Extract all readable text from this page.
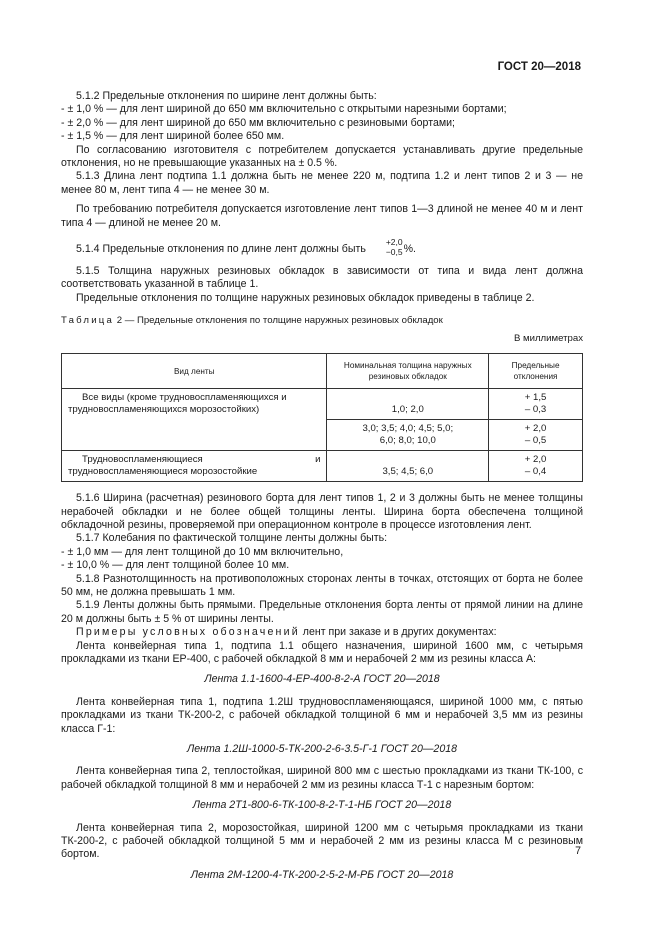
ГОСТ 20—2018

5.1.2 Предельные отклонения по ширине лент должны быть:

- ± 1,0 % — для лент шириной до 650 мм включительно с открытыми нарезными бортами;

- ± 2,0 % — для лент шириной до 650 мм включительно с резиновыми бортами;

- ± 1,5 % — для лент шириной более 650 мм.

По согласованию изготовителя с потребителем допускается устанавливать другие предельные отклонения, но не превышающие указанных на ± 0.5 %.

5.1.3 Длина лент подтипа 1.1 должна быть не менее 220 м, подтипа 1.2 и лент типов 2 и 3 — не менее 80 м, лент типа 4 — не менее 30 м.

По требованию потребителя допускается изготовление лент типов 1—3 длиной не менее 40 м и лент типа 4 — длиной не менее 20 м.

5.1.4 Предельные отклонения по длине лент должны быть
+2,0
−0,5 %.

5.1.5 Толщина наружных резиновых обкладок в зависимости от типа и вида лент должна соответствовать указанной в таблице 1.

Предельные отклонения по толщине наружных резиновых обкладок приведены в таблице 2.

Таблица 2 — Предельные отклонения по толщине наружных резиновых обкладок

В миллиметрах

Вид ленты	Номинальная толщина наружных резиновых обкладок	Предельные отклонения
Все виды (кроме трудновоспламеняющихся и трудновоспламеняющихся морозостойких)	1,0; 2,0	+ 1,5
– 0,3

	3,0; 3,5; 4,0; 4,5; 5,0; 6,0; 8,0; 10,0	+ 2,0
– 0,5

Трудновоспламеняющиеся и трудновоспламеняющиеся морозостойкие	3,5; 4,5; 6,0	+ 2,0
– 0,4

5.1.6 Ширина (расчетная) резинового борта для лент типов 1, 2 и 3 должны быть не менее толщины нерабочей обкладки и не более общей толщины ленты. Ширина борта обеспечена толщиной обкладочной резины, проверяемой при операционном контроле в процессе изготовления лент.

5.1.7 Колебания по фактической толщине ленты должны быть:

- ± 1,0 мм — для лент толщиной до 10 мм включительно,

- ± 10,0 % — для лент толщиной более 10 мм.

5.1.8 Разнотолщинность на противоположных сторонах ленты в точках, отстоящих от борта не более 50 мм, не должна превышать 1 мм.

5.1.9 Ленты должны быть прямыми. Предельные отклонения борта ленты от прямой линии на длине 20 м должны быть ± 5 % от ширины ленты.

Примеры условных обозначений лент при заказе и в других документах:

Лента конвейерная типа 1, подтипа 1.1 общего назначения, шириной 1600 мм, с четырьмя прокладками из ткани ЕР-400, с рабочей обкладкой 8 мм и нерабочей 2 мм из резины класса А:

Лента 1.1-1600-4-ЕР-400-8-2-А ГОСТ 20—2018

Лента конвейерная типа 1, подтипа 1.2Ш трудновоспламеняющаяся, шириной 1000 мм, с пятью прокладками из ткани ТК-200-2, с рабочей обкладкой толщиной 6 мм и нерабочей 3,5 мм из резины класса Г-1:

Лента 1.2Ш-1000-5-ТК-200-2-6-3.5-Г-1 ГОСТ 20—2018

Лента конвейерная типа 2, теплостойкая, шириной 800 мм с шестью прокладками из ткани ТК-100, с рабочей обкладкой толщиной 8 мм и нерабочей 2 мм из резины класса Т-1 с нарезным бортом:

Лента 2Т1-800-6-ТК-100-8-2-Т-1-НБ ГОСТ 20—2018

Лента конвейерная типа 2, морозостойкая, шириной 1200 мм с четырьмя прокладками из ткани ТК-200-2, с рабочей обкладкой толщиной 5 мм и нерабочей 2 мм из резины класса М с резиновым бортом.

Лента 2М-1200-4-ТК-200-2-5-2-М-РБ ГОСТ 20—2018

7
